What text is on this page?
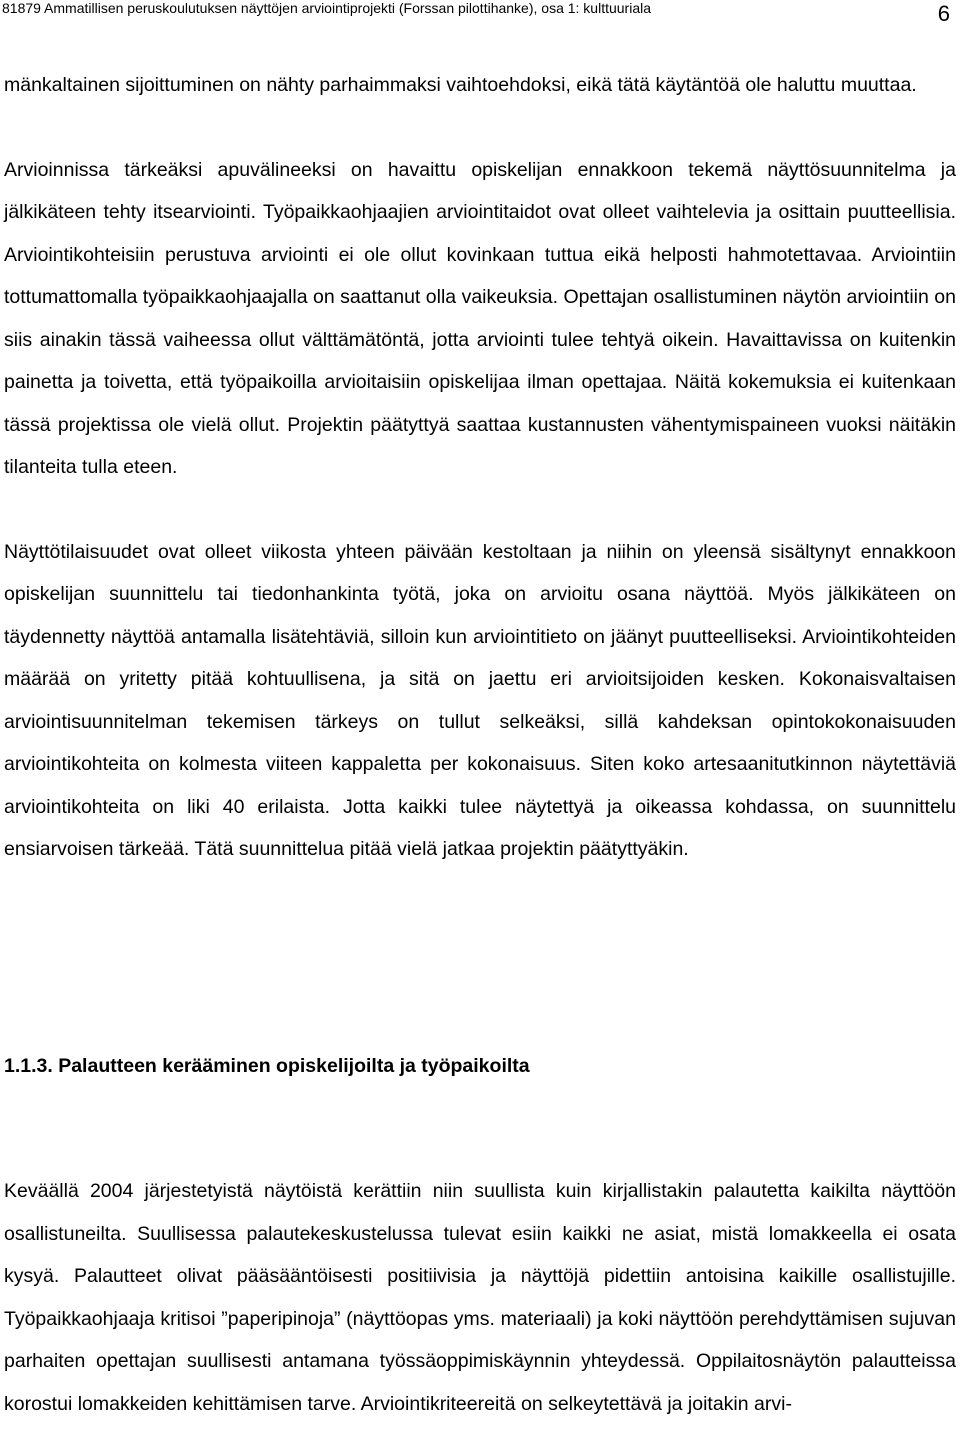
81879 Ammatillisen peruskoulutuksen näyttöjen arviointiprojekti (Forssan pilottihanke), osa 1: kulttuuriala	6

mänkaltainen sijoittuminen on nähty parhaimmaksi vaihtoehdoksi, eikä tätä käytäntöä ole haluttu muuttaa.

Arvioinnissa tärkeäksi apuvälineeksi on havaittu opiskelijan ennakkoon tekemä näyttösuunnitelma ja jälkikäteen tehty itsearviointi. Työpaikkaohjaajien arviointitaidot ovat olleet vaihtelevia ja osittain puutteellisia. Arviointikohteisiin perustuva arviointi ei ole ollut kovinkaan tuttua eikä helposti hahmotettavaa. Arviointiin tottumattomalla työpaikkaohjaajalla on saattanut olla vaikeuksia. Opettajan osallistuminen näytön arviointiin on siis ainakin tässä vaiheessa ollut välttämätöntä, jotta arviointi tulee tehtyä oikein. Havaittavissa on kuitenkin painetta ja toivetta, että työpaikoilla arvioitaisiin opiskelijaa ilman opettajaa. Näitä kokemuksia ei kuitenkaan tässä projektissa ole vielä ollut. Projektin päätyttyä saattaa kustannusten vähentymispaineen vuoksi näitäkin tilanteita tulla eteen.

Näyttötilaisuudet ovat olleet viikosta yhteen päivään kestoltaan ja niihin on yleensä sisältynyt ennakkoon opiskelijan suunnittelu tai tiedonhankinta työtä, joka on arvioitu osana näyttöä. Myös jälkikäteen on täydennetty näyttöä antamalla lisätehtäviä, silloin kun arviointitieto on jäänyt puutteelliseksi. Arviointikohteiden määrää on yritetty pitää kohtuullisena, ja sitä on jaettu eri arvioitsijoiden kesken. Kokonaisvaltaisen arviointisuunnitelman tekemisen tärkeys on tullut selkeäksi, sillä kahdeksan opintokokonaisuuden arviointikohteita on kolmesta viiteen kappaletta per kokonaisuus. Siten koko artesaanitutkinnon näytettäviä arviointikohteita on liki 40 erilaista. Jotta kaikki tulee näytettyä ja oikeassa kohdassa, on suunnittelu ensiarvoisen tärkeää. Tätä suunnittelua pitää vielä jatkaa projektin päätyttyäkin.

1.1.3. Palautteen kerääminen opiskelijoilta ja työpaikoilta

Keväällä 2004 järjestetyistä näytöistä kerättiin niin suullista kuin kirjallistakin palautetta kaikilta näyttöön osallistuneilta. Suullisessa palautekeskustelussa tulevat esiin kaikki ne asiat, mistä lomakkeella ei osata kysyä. Palautteet olivat pääsääntöisesti positiivisia ja näyttöjä pidettiin antoisina kaikille osallistujille. Työpaikkaohjaaja kritisoi ”paperipinoja” (näyttöopas yms. materiaali) ja koki näyttöön perehdyttämisen sujuvan parhaiten opettajan suullisesti antamana työssäoppimiskäynnin yhteydessä. Oppilaitosnäytön palautteissa korostui lomakkeiden kehittämisen tarve. Arviointikriteereitä on selkeytettävä ja joitakin arvi-
